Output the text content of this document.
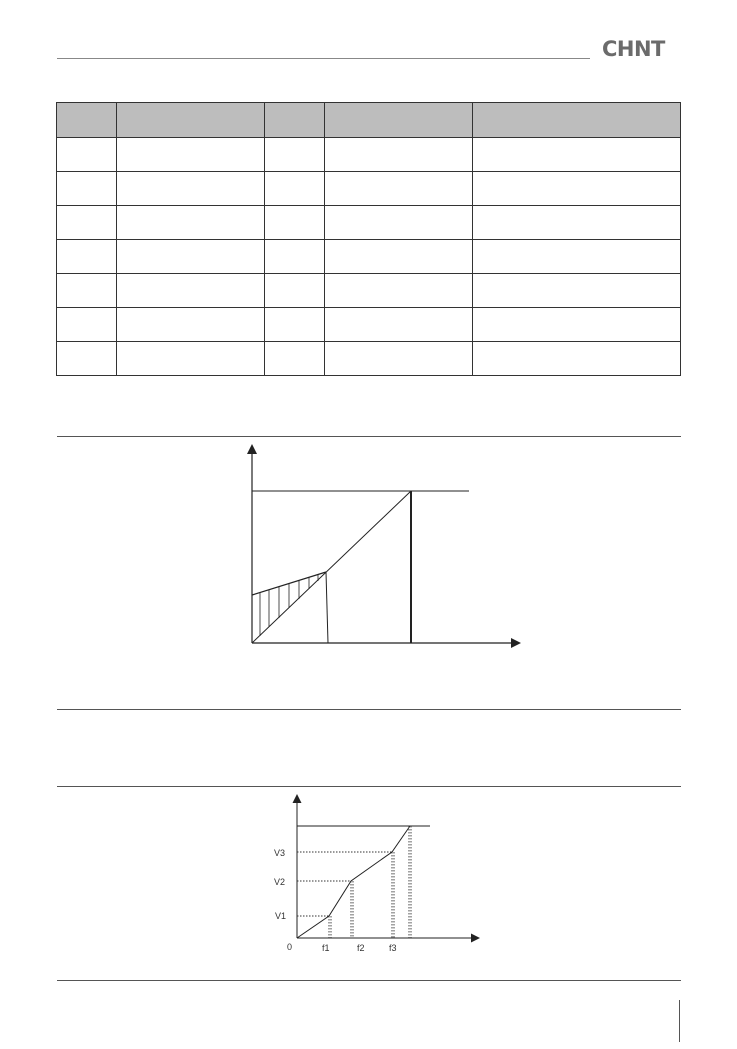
CHNT

0
V1
V2
V3
f1	f2	f3
